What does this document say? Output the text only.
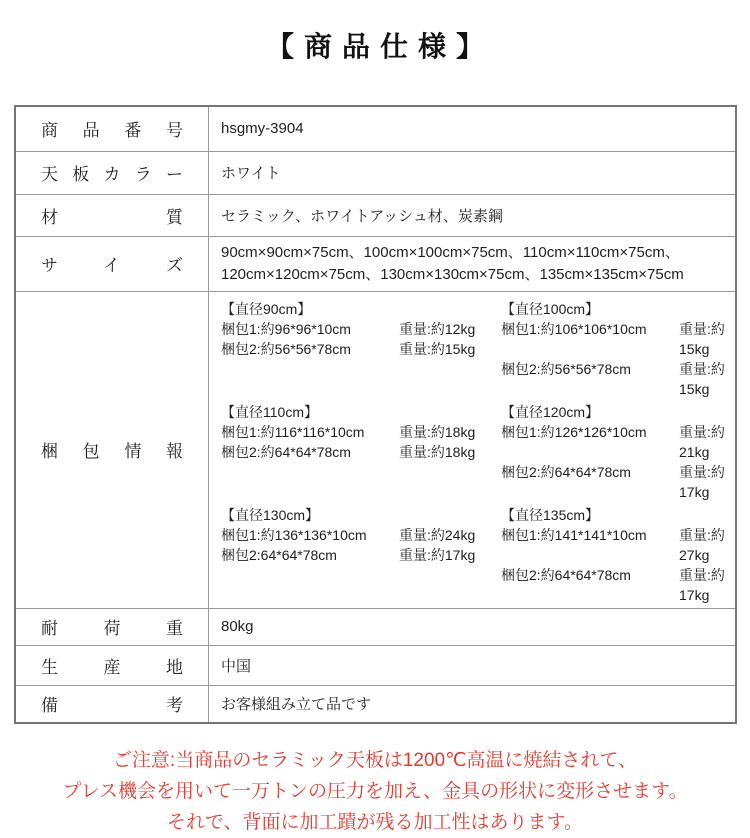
【商品仕様】
商品番号	hsgmy-3904

天板カラー	ホワイト

材質	セラミック、ホワイトアッシュ材、炭素鋼

サイズ	90cm×90cm×75cm、100cm×100cm×75cm、110cm×110cm×75cm、
120cm×120cm×75cm、130cm×130cm×75cm、135cm×135cm×75cm

梱包情報

【直径90cm】
梱包1:約96*96*10cm	重量:約12kg
梱包2:約56*56*78cm	重量:約15kg
【直径100cm】
梱包1:約106*106*10cm	重量:約15kg
梱包2:約56*56*78cm	重量:約15kg
【直径110cm】
梱包1:約116*116*10cm	重量:約18kg
梱包2:約64*64*78cm	重量:約18kg
【直径120cm】
梱包1:約126*126*10cm	重量:約21kg
梱包2:約64*64*78cm	重量:約17kg
【直径130cm】
梱包1:約136*136*10cm	重量:約24kg
梱包2:64*64*78cm	重量:約17kg
【直径135cm】
梱包1:約141*141*10cm	重量:約27kg
梱包2:約64*64*78cm	重量:約17kg

耐荷重	80kg

生産地	中国

備考	お客様組み立て品です
ご注意:当商品のセラミック天板は1200℃高温に焼結されて、
プレス機会を用いて一万トンの圧力を加え、金具の形状に変形させます。
それで、背面に加工蹟が残る加工性はあります。
